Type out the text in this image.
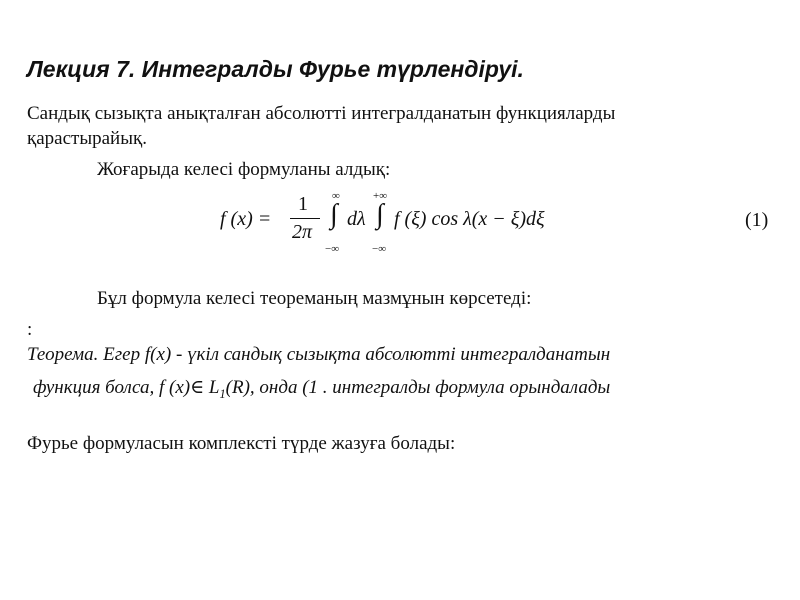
Лекция 7. Интегралды Фурье түрлендіруі.
Сандық сызықта анықталған абсолютті интегралданатын функцияларды
қарастырайық.
Жоғарыда келесі формуланы алдық:
f (x) =
1
2π
∞
∫
−∞
dλ
+∞
∫
−∞
f (ξ) cos λ(x − ξ)dξ	(1)
Бұл формула келесі теореманың мазмұнын көрсетеді:
:
Теорема. Егер f(x) - үкіл сандық сызықта абсолютті интегралданатын
функция болса, f (x)∈ $L_1(R)$, онда (1 . интегралды формула орындалады
Фурье формуласын комплексті түрде жазуға болады:
